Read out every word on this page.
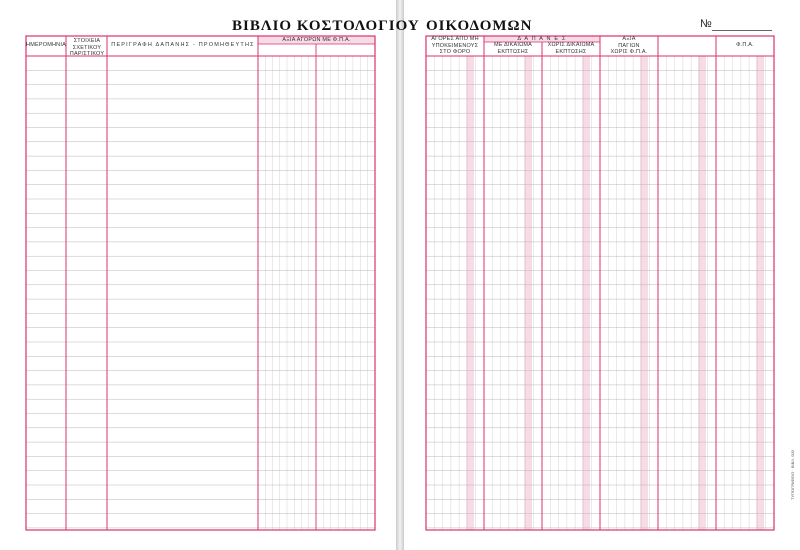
ΒΙΒΛΙΟ ΚΟΣΤΟΛΟΓΙΟΥ ΟΙΚΟΔΟΜΩΝ	№
ΗΜΕΡΟΜΗΝΙΑ
ΣΤΟΙΧΕΙΑ
ΣΧΕΤΙΚΟΥ
ΠΑΡ/ΣΤΙΚΟΥ
ΠΕΡΙΓΡΑΦΗ ΔΑΠΑΝΗΣ - ΠΡΟΜΗΘΕΥΤΗΣ
ΑΞΙΑ ΑΓΟΡΩΝ ΜΕ Φ.Π.Α.	ΑΓΟΡΕΣ ΑΠΟ ΜΗ
ΥΠΟΚΕΙΜΕΝΟΥΣ
ΣΤΟ ΦΟΡΟ
Δ Α Π Α Ν Ε Σ
ΜΕ ΔΙΚΑΙΩΜΑ
ΕΚΠΤΩΣΗΣ
ΧΩΡΙΣ ΔΙΚΑΙΩΜΑ
ΕΚΠΤΩΣΗΣ
ΑΞΙΑ
ΠΑΓΙΩΝ
ΧΩΡΙΣ Φ.Π.Α.
Φ.Π.Α.
ΤΥΠΟΓΡΑΦΕΙΟ · ΒΙΒΛ. 000
